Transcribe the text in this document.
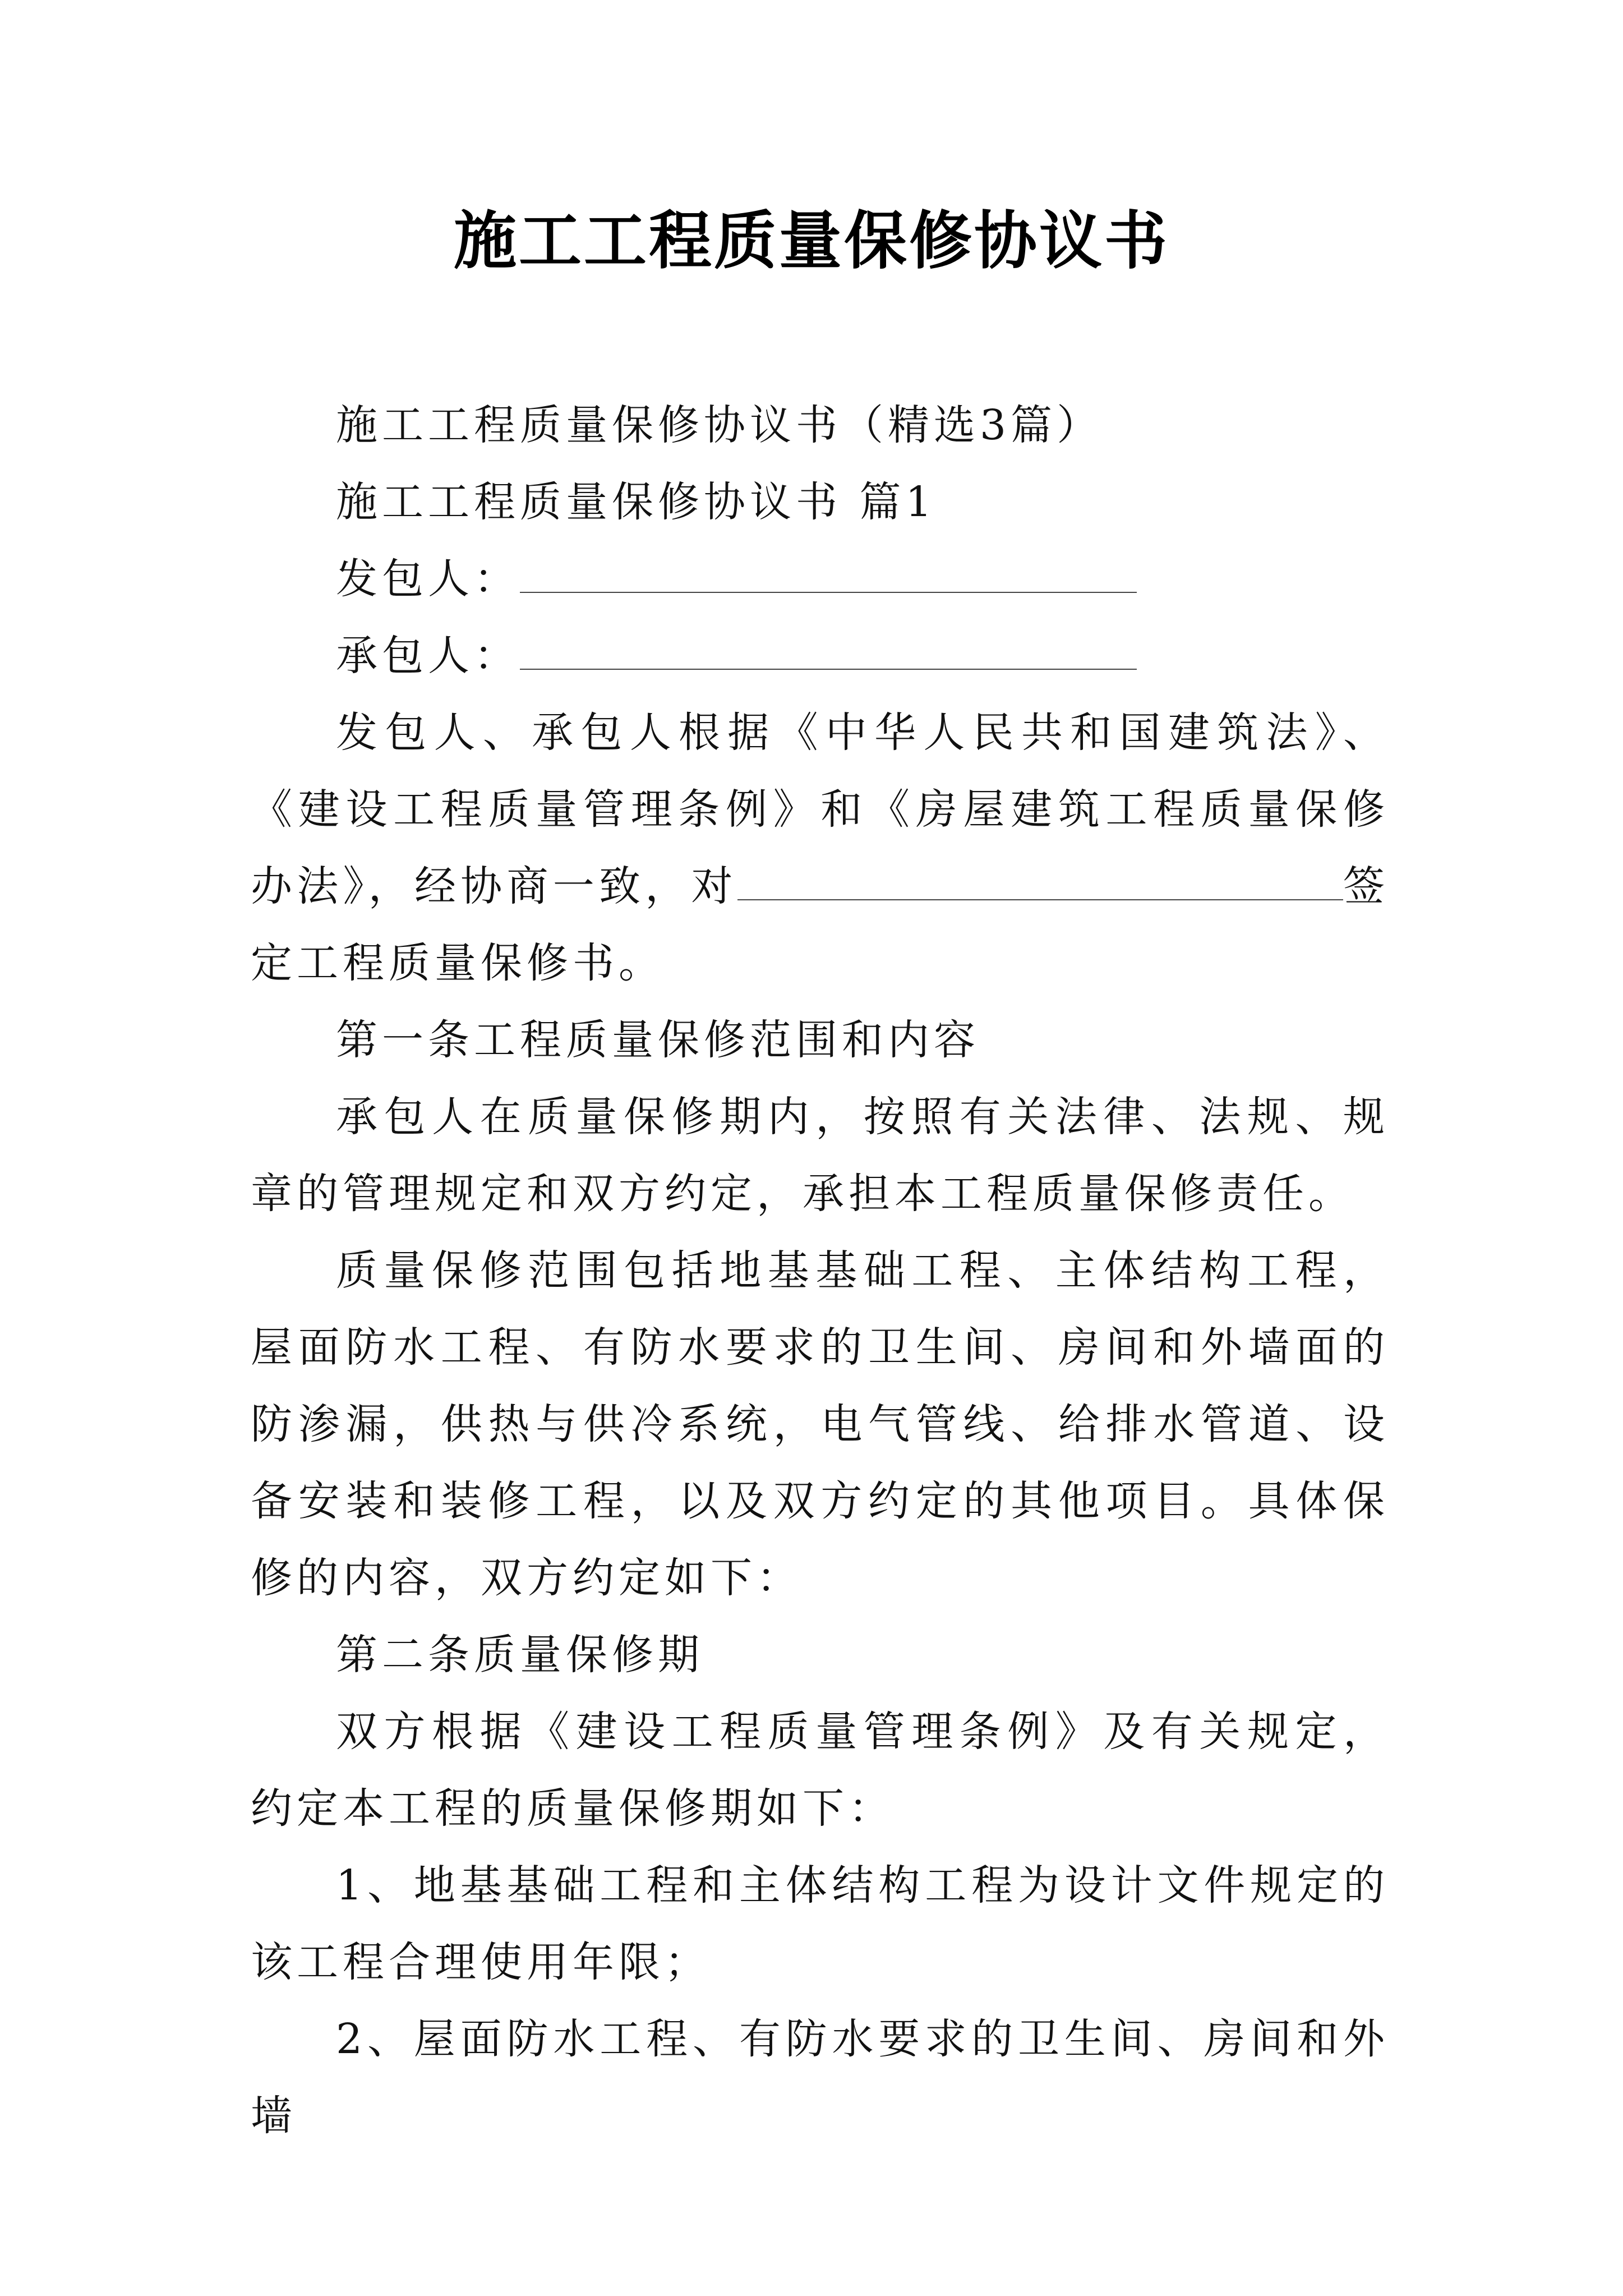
施工工程质量保修协议书

施工工程质量保修协议书（精选3篇）

施工工程质量保修协议书 篇1

发包人：

承包人：

发包人、承包人根据《中华人民共和国建筑法》、《建设工程质量管理条例》和《房屋建筑工程质量保修办法》，经协商一致，对	签定工程质量保修书。

第一条工程质量保修范围和内容

承包人在质量保修期内，按照有关法律、法规、规章的管理规定和双方约定，承担本工程质量保修责任。

质量保修范围包括地基基础工程、主体结构工程，屋面防水工程、有防水要求的卫生间、房间和外墙面的防渗漏，供热与供冷系统，电气管线、给排水管道、设备安装和装修工程，以及双方约定的其他项目。具体保修的内容，双方约定如下：

第二条质量保修期

双方根据《建设工程质量管理条例》及有关规定，约定本工程的质量保修期如下：

1、地基基础工程和主体结构工程为设计文件规定的该工程合理使用年限；

2、屋面防水工程、有防水要求的卫生间、房间和外墙
